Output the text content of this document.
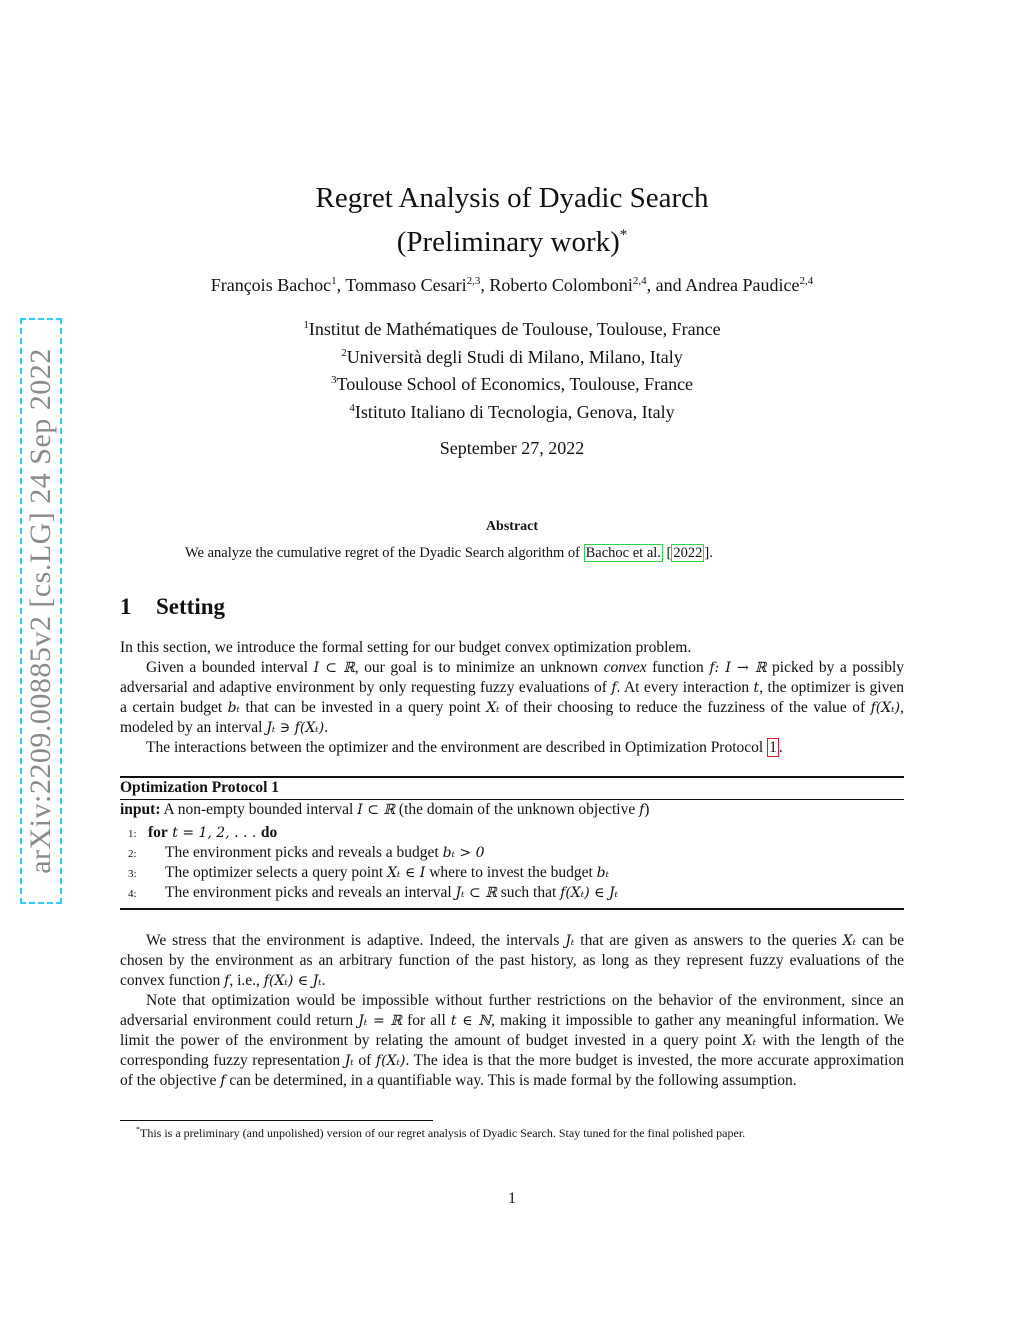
arXiv:2209.00885v2 [cs.LG] 24 Sep 2022
Regret Analysis of Dyadic Search
(Preliminary work)*
François Bachoc$^1$, Tommaso Cesari$^{2,3}$, Roberto Colomboni$^{2,4}$, and Andrea Paudice$^{2,4}$
$^1$Institut de Mathématiques de Toulouse, Toulouse, France
$^2$Università degli Studi di Milano, Milano, Italy
$^3$Toulouse School of Economics, Toulouse, France
$^4$Istituto Italiano di Tecnologia, Genova, Italy
September 27, 2022
Abstract
We analyze the cumulative regret of the Dyadic Search algorithm of Bachoc et al. [ 2022 ].
1 Setting

In this section, we introduce the formal setting for our budget convex optimization problem.

Given a bounded interval I ⊂ ℝ, our goal is to minimize an unknown convex function f: I → ℝ picked by a possibly adversarial and adaptive environment by only requesting fuzzy evaluations of f. At every interaction t, the optimizer is given a certain budget bₜ that can be invested in a query point Xₜ of their choosing to reduce the fuzziness of the value of f(Xₜ), modeled by an interval Jₜ ∋ f(Xₜ).

The interactions between the optimizer and the environment are described in Optimization Protocol 1 .

Optimization Protocol 1
input: A non-empty bounded interval I ⊂ ℝ (the domain of the unknown objective f)
1: for t = 1, 2, . . . do
2: The environment picks and reveals a budget bₜ > 0
3: The optimizer selects a query point Xₜ ∈ I where to invest the budget bₜ
4: The environment picks and reveals an interval Jₜ ⊂ ℝ such that f(Xₜ) ∈ Jₜ

We stress that the environment is adaptive. Indeed, the intervals Jₜ that are given as answers to the queries Xₜ can be chosen by the environment as an arbitrary function of the past history, as long as they represent fuzzy evaluations of the convex function f, i.e., f(Xₜ) ∈ Jₜ.

Note that optimization would be impossible without further restrictions on the behavior of the environment, since an adversarial environment could return Jₜ = ℝ for all t ∈ ℕ, making it impossible to gather any meaningful information. We limit the power of the environment by relating the amount of budget invested in a query point Xₜ with the length of the corresponding fuzzy representation Jₜ of f(Xₜ). The idea is that the more budget is invested, the more accurate approximation of the objective f can be determined, in a quantifiable way. This is made formal by the following assumption.

*This is a preliminary (and unpolished) version of our regret analysis of Dyadic Search. Stay tuned for the final polished paper.
1
